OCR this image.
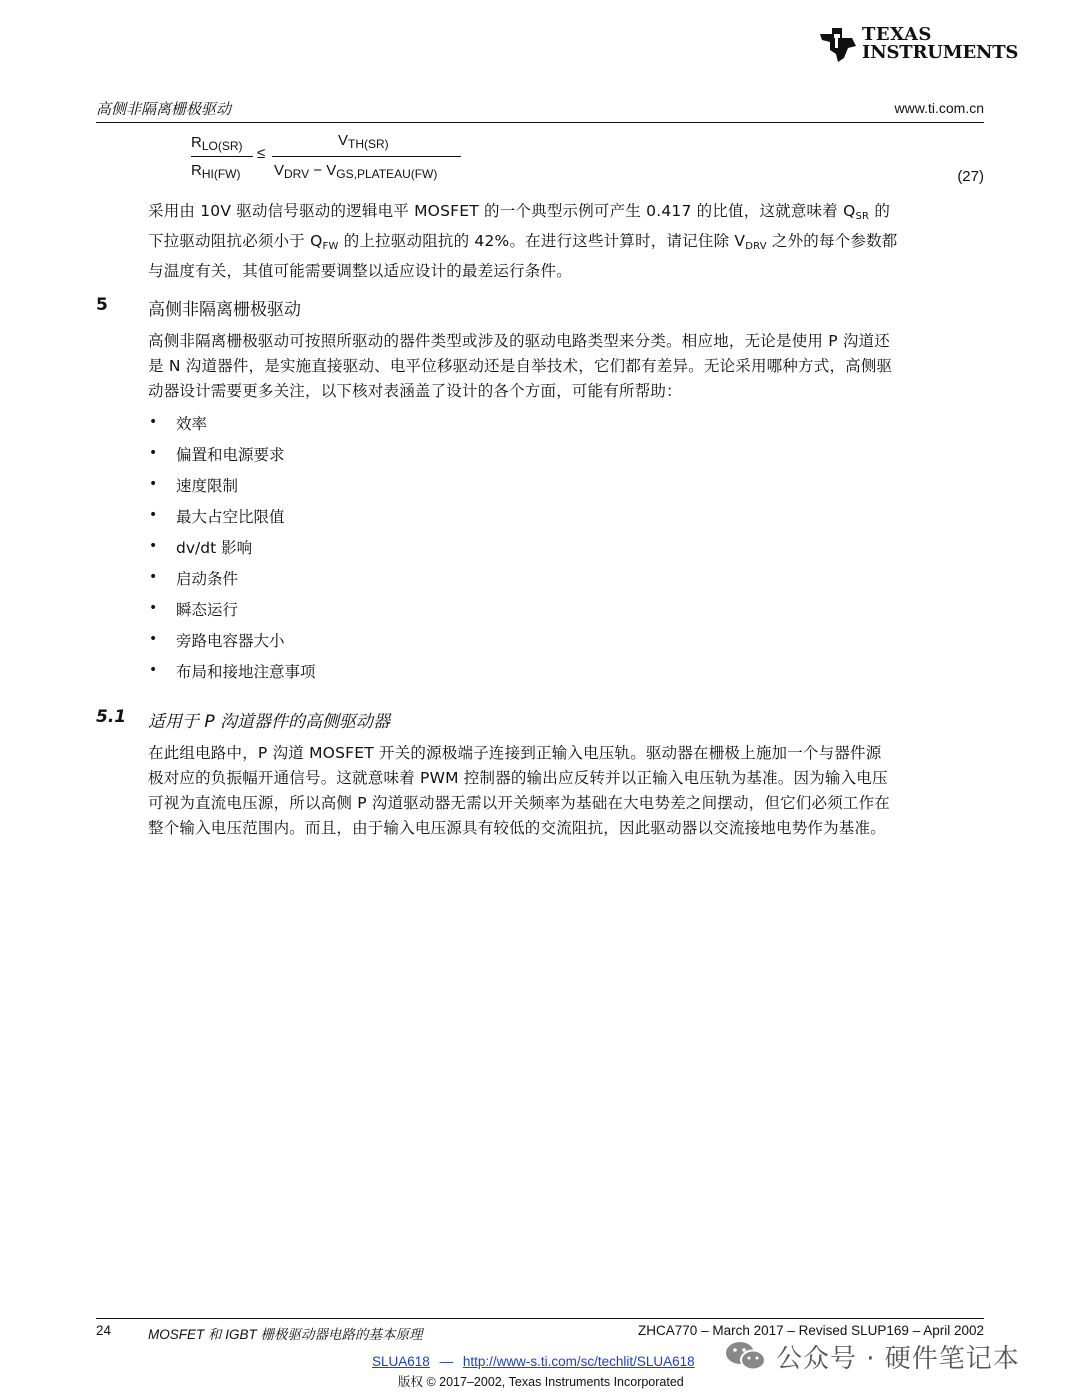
TEXAS
INSTRUMENTS
高侧非隔离栅极驱动	www.ti.com.cn
$R_{LO(SR)}$
$R_{HI(FW)}$
≤
$V_{TH(SR)}$
$V_{DRV} - V_{GS,PLATEAU(FW)}$	(27)
采用由 10V 驱动信号驱动的逻辑电平 MOSFET 的一个典型示例可产生 0.417 的比值，这就意味着 $Q_{SR}$ 的
下拉驱动阻抗必须小于 $Q_{FW}$ 的上拉驱动阻抗的 42%。在进行这些计算时，请记住除 $V_{DRV}$ 之外的每个参数都
与温度有关，其值可能需要调整以适应设计的最差运行条件。
5 高侧非隔离栅极驱动
高侧非隔离栅极驱动可按照所驱动的器件类型或涉及的驱动电路类型来分类。相应地，无论是使用 P 沟道还
是 N 沟道器件，是实施直接驱动、电平位移驱动还是自举技术，它们都有差异。无论采用哪种方式，高侧驱
动器设计需要更多关注，以下核对表涵盖了设计的各个方面，可能有所帮助：
• 效率
• 偏置和电源要求
• 速度限制
• 最大占空比限值
• dv/dt 影响
• 启动条件
• 瞬态运行
• 旁路电容器大小
• 布局和接地注意事项
5.1 适用于 P 沟道器件的高侧驱动器
在此组电路中，P 沟道 MOSFET 开关的源极端子连接到正输入电压轨。驱动器在栅极上施加一个与器件源
极对应的负振幅开通信号。这就意味着 PWM 控制器的输出应反转并以正输入电压轨为基准。因为输入电压
可视为直流电压源，所以高侧 P 沟道驱动器无需以开关频率为基础在大电势差之间摆动，但它们必须工作在
整个输入电压范围内。而且，由于输入电压源具有较低的交流阻抗，因此驱动器以交流接地电势作为基准。
24	MOSFET 和 IGBT 栅极驱动器电路的基本原理	ZHCA770 – March 2017 – Revised SLUP169 – April 2002
SLUA618 — http://www-s.ti.com/sc/techlit/SLUA618
版权 © 2017–2002, Texas Instruments Incorporated
公众号 · 硬件笔记本
